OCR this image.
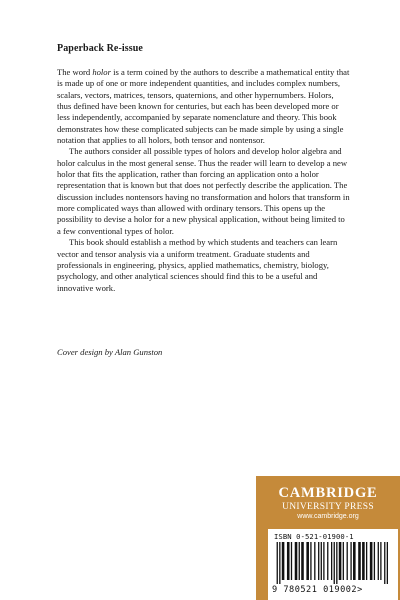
Paperback Re-issue

The word holor is a term coined by the authors to describe a mathematical entity that is made up of one or more independent quantities, and includes complex numbers, scalars, vectors, matrices, tensors, quaternions, and other hypernumbers. Holors, thus defined have been known for centuries, but each has been developed more or less independently, accompanied by separate nomenclature and theory. This book demonstrates how these complicated subjects can be made simple by using a single notation that applies to all holors, both tensor and nontensor.

The authors consider all possible types of holors and develop holor algebra and holor calculus in the most general sense. Thus the reader will learn to develop a new holor that fits the application, rather than forcing an application onto a holor representation that is known but that does not perfectly describe the application. The discussion includes nontensors having no transformation and holors that transform in more complicated ways than allowed with ordinary tensors. This opens up the possibility to devise a holor for a new physical application, without being limited to a few conventional types of holor.

This book should establish a method by which students and teachers can learn vector and tensor analysis via a uniform treatment. Graduate students and professionals in engineering, physics, applied mathematics, chemistry, biology, psychology, and other analytical sciences should find this to be a useful and innovative work.

Cover design by Alan Gunston
CAMBRIDGE
UNIVERSITY PRESS
www.cambridge.org
ISBN 0-521-01900-1
9 780521 019002>
